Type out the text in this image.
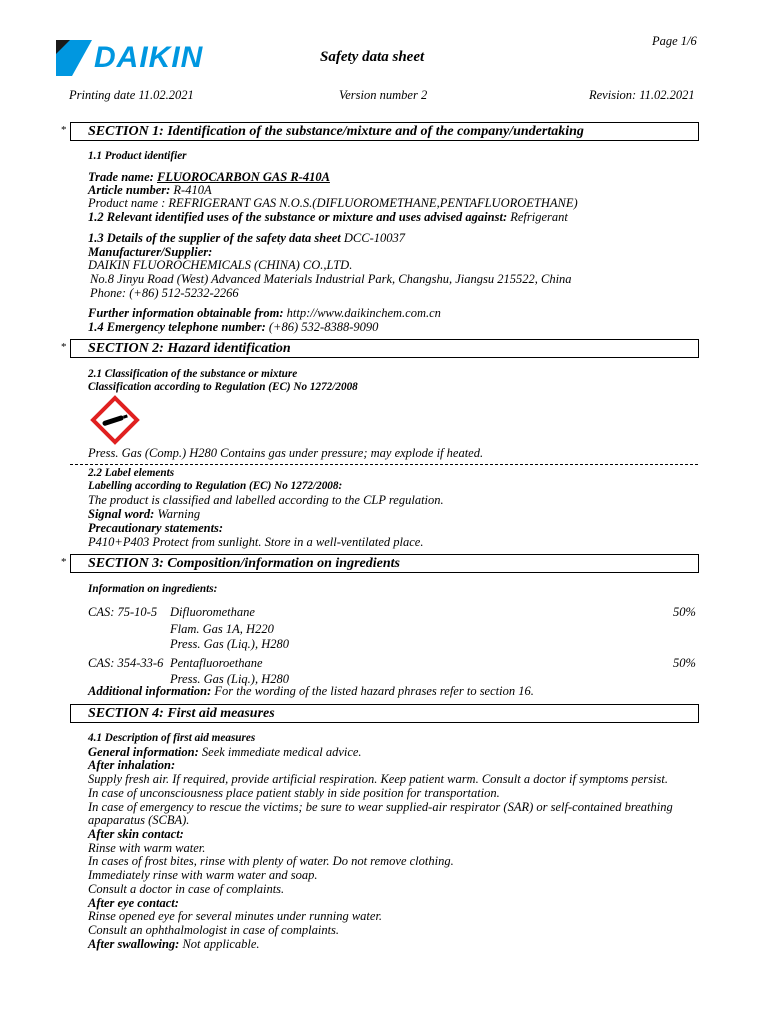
DAIKIN	Safety data sheet
Page 1/6
Printing date 11.02.2021	Version number 2	Revision: 11.02.2021
* SECTION 1: Identification of the substance/mixture and of the company/undertaking
1.1 Product identifier
Trade name: FLUOROCARBON GAS R-410A
Article number: R-410A
Product name : REFRIGERANT GAS N.O.S.(DIFLUOROMETHANE,PENTAFLUOROETHANE)
1.2 Relevant identified uses of the substance or mixture and uses advised against: Refrigerant
1.3 Details of the supplier of the safety data sheet DCC-10037
Manufacturer/Supplier:
DAIKIN FLUOROCHEMICALS (CHINA) CO.,LTD.
No.8 Jinyu Road (West) Advanced Materials Industrial Park, Changshu, Jiangsu 215522, China
Phone: (+86) 512-5232-2266
Further information obtainable from: http://www.daikinchem.com.cn
1.4 Emergency telephone number: (+86) 532-8388-9090
* SECTION 2: Hazard identification
2.1 Classification of the substance or mixture
Classification according to Regulation (EC) No 1272/2008
Press. Gas (Comp.) H280 Contains gas under pressure; may explode if heated.
2.2 Label elements
Labelling according to Regulation (EC) No 1272/2008:
The product is classified and labelled according to the CLP regulation.
Signal word: Warning
Precautionary statements:
P410+P403 Protect from sunlight. Store in a well-ventilated place.
* SECTION 3: Composition/information on ingredients
Information on ingredients:
CAS: 75-10-5 Difluoromethane	50%
Flam. Gas 1A, H220
Press. Gas (Liq.), H280
CAS: 354-33-6 Pentafluoroethane	50%
Press. Gas (Liq.), H280
Additional information: For the wording of the listed hazard phrases refer to section 16.
SECTION 4: First aid measures
4.1 Description of first aid measures
General information: Seek immediate medical advice.
After inhalation:
Supply fresh air. If required, provide artificial respiration. Keep patient warm. Consult a doctor if symptoms persist.
In case of unconsciousness place patient stably in side position for transportation.
In case of emergency to rescue the victims; be sure to wear supplied-air respirator (SAR) or self-contained breathing
apaparatus (SCBA).
After skin contact:
Rinse with warm water.
In cases of frost bites, rinse with plenty of water. Do not remove clothing.
Immediately rinse with warm water and soap.
Consult a doctor in case of complaints.
After eye contact:
Rinse opened eye for several minutes under running water.
Consult an ophthalmologist in case of complaints.
After swallowing: Not applicable.
